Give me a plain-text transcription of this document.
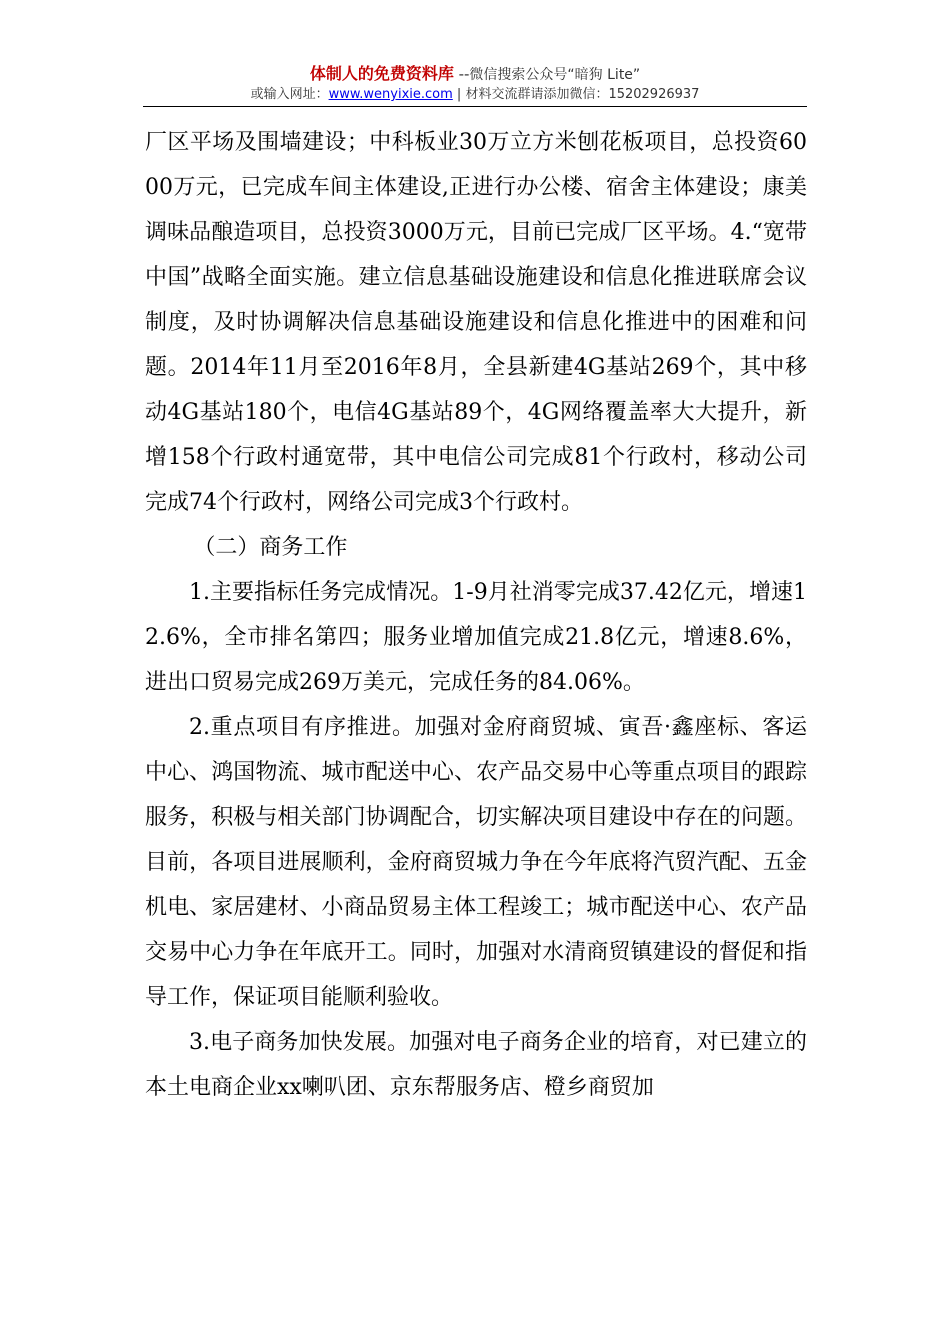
体制人的免费资料库 --微信搜索公众号“暗狗 Lite”
或输入网址：www.wenyixie.com | 材料交流群请添加微信：15202926937

厂区平场及围墙建设；中科板业30万立方米刨花板项目，总投资6000万元，已完成车间主体建设,正进行办公楼、宿舍主体建设；康美调味品酿造项目，总投资3000万元，目前已完成厂区平场。4.“宽带中国”战略全面实施。建立信息基础设施建设和信息化推进联席会议制度，及时协调解决信息基础设施建设和信息化推进中的困难和问题。2014年11月至2016年8月，全县新建4G基站269个，其中移动4G基站180个，电信4G基站89个，4G网络覆盖率大大提升，新增158个行政村通宽带，其中电信公司完成81个行政村，移动公司完成74个行政村，网络公司完成3个行政村。

（二）商务工作

1.主要指标任务完成情况。1-9月社消零完成37.42亿元，增速12.6%，全市排名第四；服务业增加值完成21.8亿元，增速8.6%，进出口贸易完成269万美元，完成任务的84.06%。

2.重点项目有序推进。加强对金府商贸城、寅吾·鑫座标、客运中心、鸿国物流、城市配送中心、农产品交易中心等重点项目的跟踪服务，积极与相关部门协调配合，切实解决项目建设中存在的问题。目前，各项目进展顺利，金府商贸城力争在今年底将汽贸汽配、五金机电、家居建材、小商品贸易主体工程竣工；城市配送中心、农产品交易中心力争在年底开工。同时，加强对水清商贸镇建设的督促和指导工作，保证项目能顺利验收。

3.电子商务加快发展。加强对电子商务企业的培育，对已建立的本土电商企业xx喇叭团、京东帮服务店、橙乡商贸加
